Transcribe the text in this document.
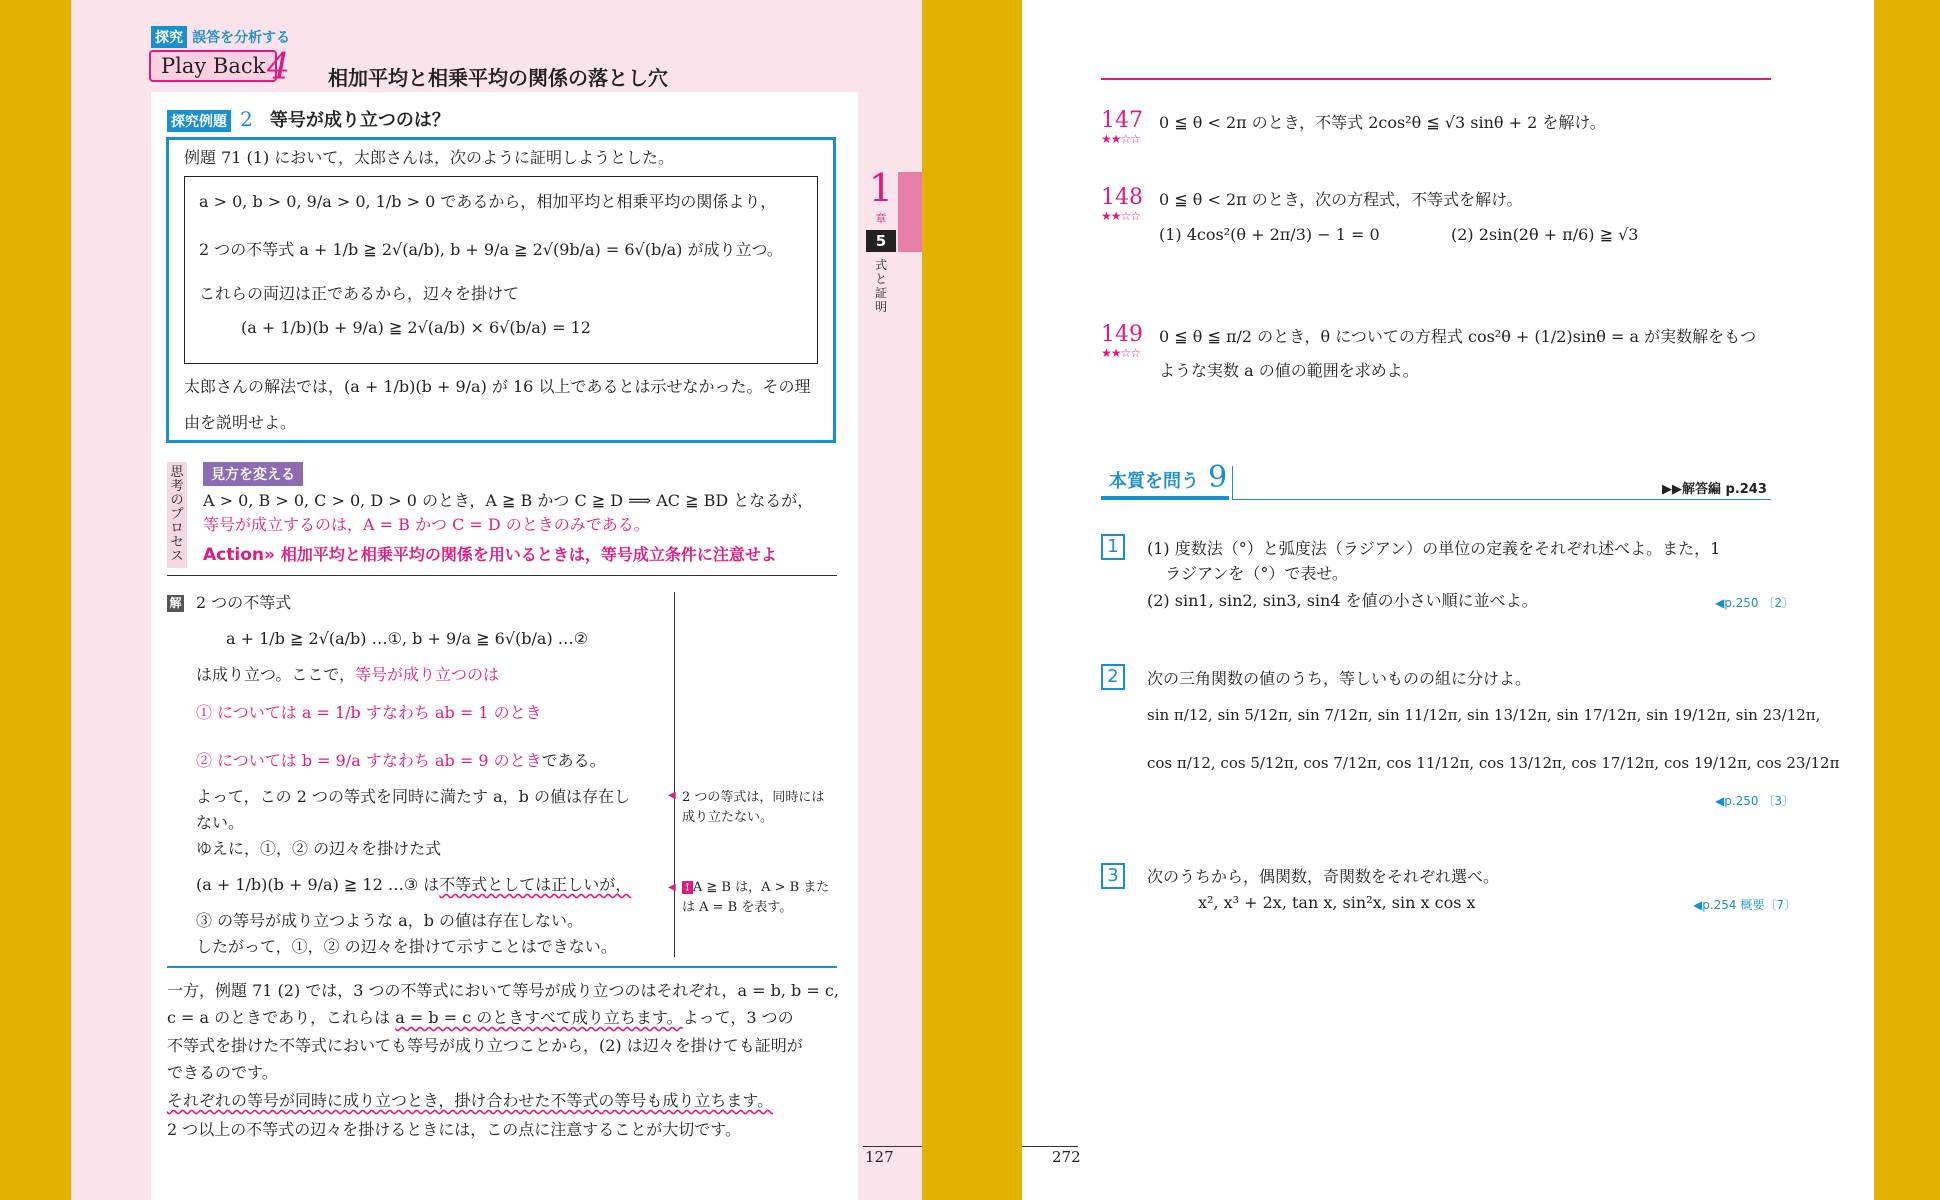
探究 誤答を分析する
Play Back 4 相加平均と相乗平均の関係の落とし穴
探究例題 2 等号が成り立つのは？
例題 71 (1) において，太郎さんは，次のように証明しようとした。
a > 0, b > 0, 9/a > 0, 1/b > 0 であるから，相加平均と相乗平均の関係より，
2 つの不等式 a + 1/b ≧ 2√(a/b), b + 9/a ≧ 2√(9b/a) = 6√(b/a) が成り立つ。
これらの両辺は正であるから，辺々を掛けて
(a + 1/b)(b + 9/a) ≧ 2√(a/b) × 6√(b/a) = 12
太郎さんの解法では，(a + 1/b)(b + 9/a) が 16 以上であるとは示せなかった。その理
由を説明せよ。
思考のプロセス
見方を変える
A > 0, B > 0, C > 0, D > 0 のとき，A ≧ B かつ C ≧ D ⟹ AC ≧ BD となるが，
等号が成立するのは，A = B かつ C = D のときのみである。
Action» 相加平均と相乗平均の関係を用いるときは，等号成立条件に注意せよ
解 2 つの不等式
a + 1/b ≧ 2√(a/b) …①, b + 9/a ≧ 6√(b/a) …②
は成り立つ。ここで，等号が成り立つのは
① については a = 1/b すなわち ab = 1 のとき
② については b = 9/a すなわち ab = 9 のときである。
よって，この 2 つの等式を同時に満たす a，b の値は存在し
ない。
ゆえに，①，② の辺々を掛けた式
(a + 1/b)(b + 9/a) ≧ 12 …③ は不等式としては正しいが，
③ の等号が成り立つような a，b の値は存在しない。
したがって，①，② の辺々を掛けて示すことはできない。
◀ 2 つの等式は，同時には
成り立たない。
◀ ! A ≧ B は，A > B また
は A = B を表す。
一方，例題 71 (2) では，3 つの不等式において等号が成り立つのはそれぞれ，a = b, b = c,
c = a のときであり，これらは a = b = c のときすべて成り立ちます。よって，3 つの
不等式を掛けた不等式においても等号が成り立つことから，(2) は辺々を掛けても証明が
できるのです。
それぞれの等号が同時に成り立つとき，掛け合わせた不等式の等号も成り立ちます。
2 つ以上の不等式の辺々を掛けるときには，この点に注意することが大切です。
1
章
5
式と証明
127
147
★★☆☆
0 ≦ θ < 2π のとき，不等式 2cos²θ ≦ √3 sinθ + 2 を解け。
148
★★☆☆
0 ≦ θ < 2π のとき，次の方程式，不等式を解け。
(1) 4cos²(θ + 2π/3) − 1 = 0	(2) 2sin(2θ + π/6) ≧ √3
149
★★☆☆
0 ≦ θ ≦ π/2 のとき，θ についての方程式 cos²θ + (1/2)sinθ = a が実数解をもつ
ような実数 a の値の範囲を求めよ。
本質を問う 9	▶▶解答編 p.243
1	(1) 度数法（°）と弧度法（ラジアン）の単位の定義をそれぞれ述べよ。また，1
ラジアンを（°）で表せ。
(2) sin1, sin2, sin3, sin4 を値の小さい順に並べよ。	◀p.250 〔2〕
2	次の三角関数の値のうち，等しいものの組に分けよ。
sin π/12, sin 5/12π, sin 7/12π, sin 11/12π, sin 13/12π, sin 17/12π, sin 19/12π, sin 23/12π,
cos π/12, cos 5/12π, cos 7/12π, cos 11/12π, cos 13/12π, cos 17/12π, cos 19/12π, cos 23/12π
◀p.250 〔3〕
3	次のうちから，偶関数，奇関数をそれぞれ選べ。
x², x³ + 2x, tan x, sin²x, sin x cos x	◀p.254 概要〔7〕
272
